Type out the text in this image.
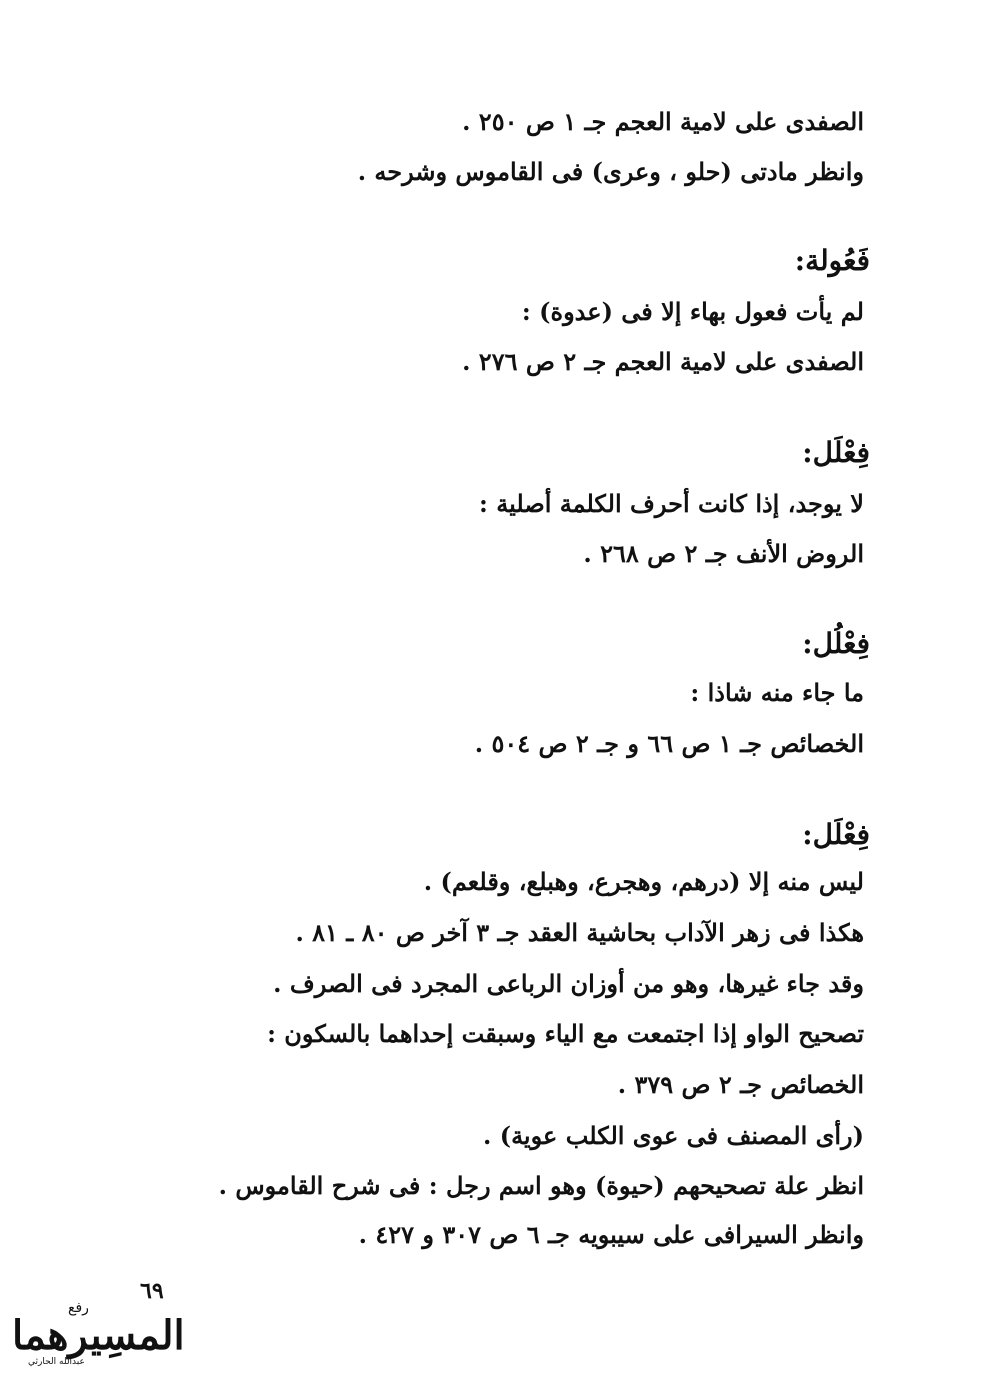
الصفدى على لامية العجم جـ ١ ص ٢٥٠ .
وانظر مادتى (حلو ، وعرى) فى القاموس وشرحه .
فَعُولة:
لم يأت فعول بهاء إلا فى (عدوة) :
الصفدى على لامية العجم جـ ٢ ص ٢٧٦ .
فِعْلَل:
لا يوجد، إذا كانت أحرف الكلمة أصلية :
الروض الأنف جـ ٢ ص ٢٦٨ .
فِعْلُل:
ما جاء منه شاذا :
الخصائص جـ ١ ص ٦٦ و جـ ٢ ص ٥٠٤ .
فِعْلَل:
ليس منه إلا (درهم، وهجرع، وهبلع، وقلعم) .
هكذا فى زهر الآداب بحاشية العقد جـ ٣ آخر ص ٨٠ ـ ٨١ .
وقد جاء غيرها، وهو من أوزان الرباعى المجرد فى الصرف .
تصحيح الواو إذا اجتمعت مع الياء وسبقت إحداهما بالسكون :
الخصائص جـ ٢ ص ٣٧٩ .
(رأى المصنف فى عوى الكلب عوية) .
انظر علة تصحيحهم (حيوة) وهو اسم رجل : فى شرح القاموس .
وانظر السيرافى على سيبويه جـ ٦ ص ٣٠٧ و ٤٢٧ .
٦٩
رفع
المسِيرهما
عبدالله الحارثي
